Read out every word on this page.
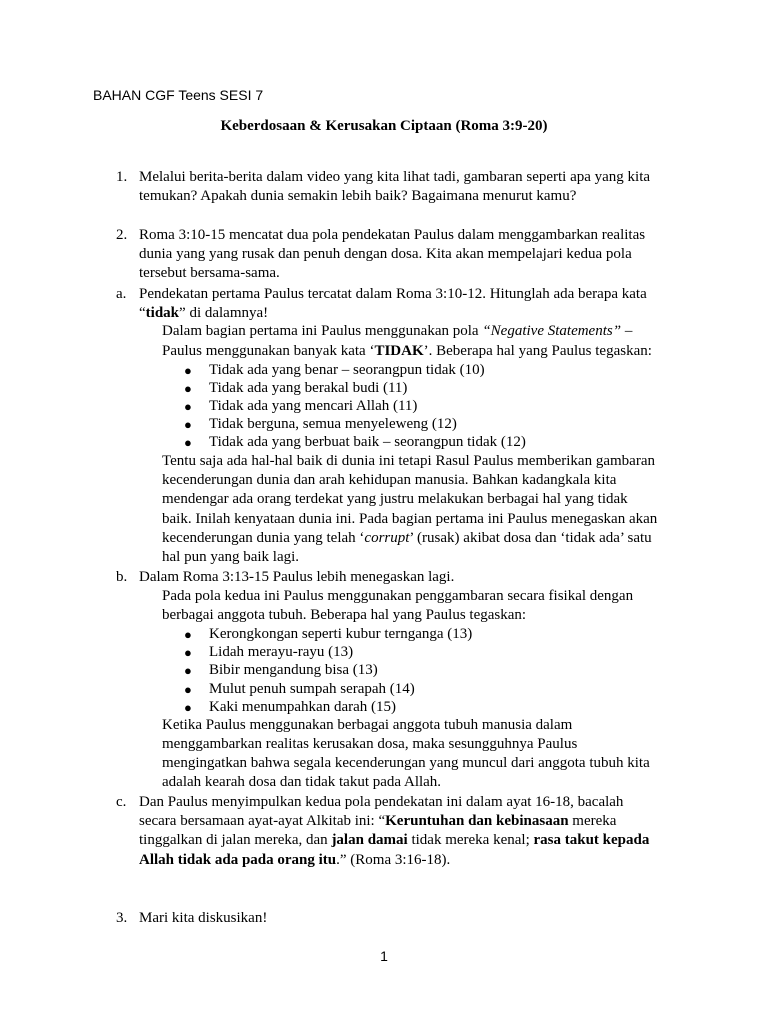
BAHAN CGF Teens SESI 7
Keberdosaan & Kerusakan Ciptaan (Roma 3:9-20)
1. Melalui berita-berita dalam video yang kita lihat tadi, gambaran seperti apa yang kita
temukan? Apakah dunia semakin lebih baik? Bagaimana menurut kamu?
2. Roma 3:10-15 mencatat dua pola pendekatan Paulus dalam menggambarkan realitas
dunia yang yang rusak dan penuh dengan dosa. Kita akan mempelajari kedua pola
tersebut bersama-sama.
a. Pendekatan pertama Paulus tercatat dalam Roma 3:10-12. Hitunglah ada berapa kata
“tidak” di dalamnya!
Dalam bagian pertama ini Paulus menggunakan pola “Negative Statements” –
Paulus menggunakan banyak kata ‘TIDAK’. Beberapa hal yang Paulus tegaskan:
● Tidak ada yang benar – seorangpun tidak (10)
● Tidak ada yang berakal budi (11)
● Tidak ada yang mencari Allah (11)
● Tidak berguna, semua menyeleweng (12)
● Tidak ada yang berbuat baik – seorangpun tidak (12)
Tentu saja ada hal-hal baik di dunia ini tetapi Rasul Paulus memberikan gambaran
kecenderungan dunia dan arah kehidupan manusia. Bahkan kadangkala kita
mendengar ada orang terdekat yang justru melakukan berbagai hal yang tidak
baik. Inilah kenyataan dunia ini. Pada bagian pertama ini Paulus menegaskan akan
kecenderungan dunia yang telah ‘corrupt’ (rusak) akibat dosa dan ‘tidak ada’ satu
hal pun yang baik lagi.
b. Dalam Roma 3:13-15 Paulus lebih menegaskan lagi.
Pada pola kedua ini Paulus menggunakan penggambaran secara fisikal dengan
berbagai anggota tubuh. Beberapa hal yang Paulus tegaskan:
● Kerongkongan seperti kubur ternganga (13)
● Lidah merayu-rayu (13)
● Bibir mengandung bisa (13)
● Mulut penuh sumpah serapah (14)
● Kaki menumpahkan darah (15)
Ketika Paulus menggunakan berbagai anggota tubuh manusia dalam
menggambarkan realitas kerusakan dosa, maka sesungguhnya Paulus
mengingatkan bahwa segala kecenderungan yang muncul dari anggota tubuh kita
adalah kearah dosa dan tidak takut pada Allah.
c. Dan Paulus menyimpulkan kedua pola pendekatan ini dalam ayat 16-18, bacalah
secara bersamaan ayat-ayat Alkitab ini: “Keruntuhan dan kebinasaan mereka
tinggalkan di jalan mereka, dan jalan damai tidak mereka kenal; rasa takut kepada
Allah tidak ada pada orang itu.” (Roma 3:16-18).
3. Mari kita diskusikan!
1
